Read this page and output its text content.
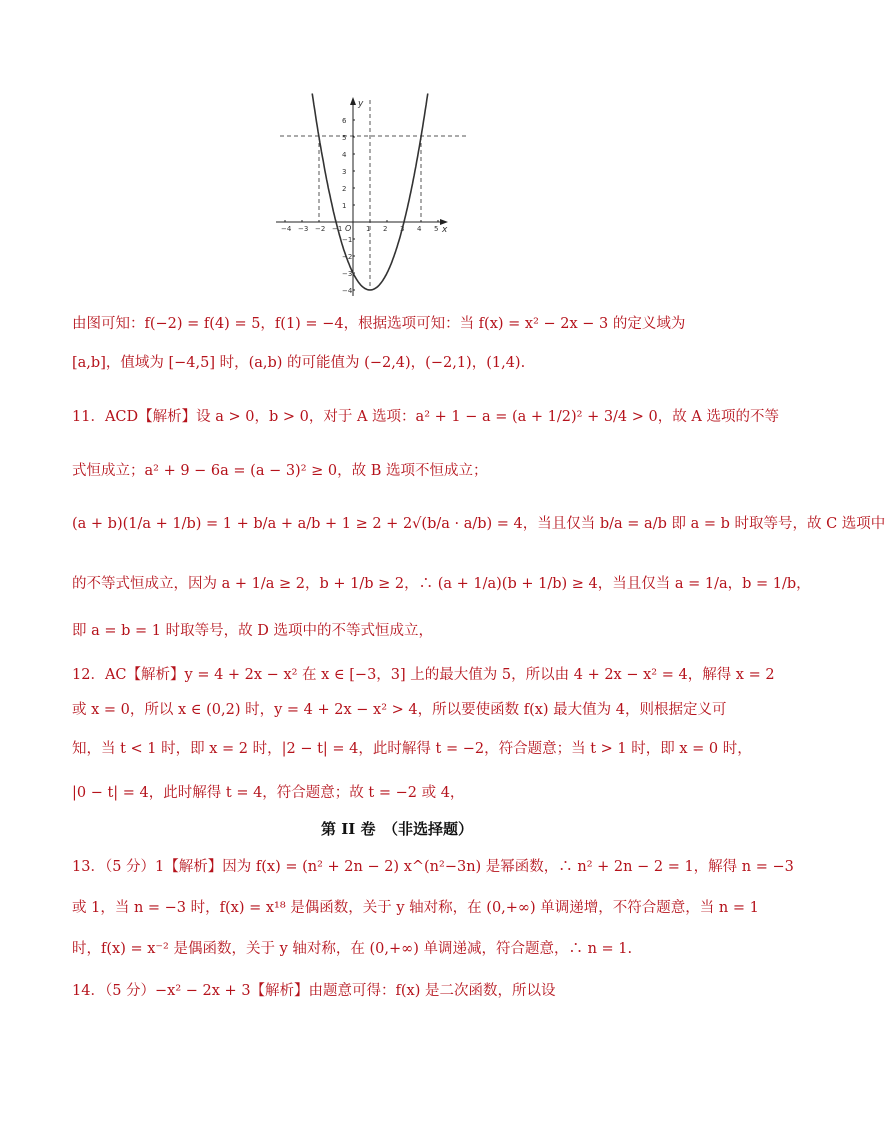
−4 −3 −2 −1	1 2 3 4 5
6
5
4
3
2
1
−1
−2
−3
−4
y
x
O
由图可知：f(−2) = f(4) = 5，f(1) = −4，根据选项可知：当 f(x) = x² − 2x − 3 的定义域为
[a,b]，值域为 [−4,5] 时，(a,b) 的可能值为 (−2,4)，(−2,1)，(1,4).
11．ACD【解析】设 a > 0，b > 0，对于 A 选项：a² + 1 − a = (a + 1/2)² + 3/4 > 0，故 A 选项的不等
式恒成立；a² + 9 − 6a = (a − 3)² ≥ 0，故 B 选项不恒成立；
(a + b)(1/a + 1/b) = 1 + b/a + a/b + 1 ≥ 2 + 2√(b/a · a/b) = 4，当且仅当 b/a = a/b 即 a = b 时取等号，故 C 选项中
的不等式恒成立，因为 a + 1/a ≥ 2，b + 1/b ≥ 2，∴ (a + 1/a)(b + 1/b) ≥ 4，当且仅当 a = 1/a，b = 1/b，
即 a = b = 1 时取等号，故 D 选项中的不等式恒成立，
12．AC【解析】y = 4 + 2x − x² 在 x ∈ [−3，3] 上的最大值为 5，所以由 4 + 2x − x² = 4，解得 x = 2
或 x = 0，所以 x ∈ (0,2) 时，y = 4 + 2x − x² > 4，所以要使函数 f(x) 最大值为 4，则根据定义可
知，当 t < 1 时，即 x = 2 时，|2 − t| = 4，此时解得 t = −2，符合题意；当 t > 1 时，即 x = 0 时，
|0 − t| = 4，此时解得 t = 4，符合题意；故 t = −2 或 4，
第 II 卷　（非选择题）
13．（5 分）1【解析】因为 f(x) = (n² + 2n − 2) x^(n²−3n) 是幂函数，∴ n² + 2n − 2 = 1，解得 n = −3
或 1，当 n = −3 时，f(x) = x¹⁸ 是偶函数，关于 y 轴对称，在 (0,+∞) 单调递增，不符合题意，当 n = 1
时，f(x) = x⁻² 是偶函数，关于 y 轴对称，在 (0,+∞) 单调递减，符合题意，∴ n = 1.
14．（5 分）−x² − 2x + 3【解析】由题意可得：f(x) 是二次函数，所以设
